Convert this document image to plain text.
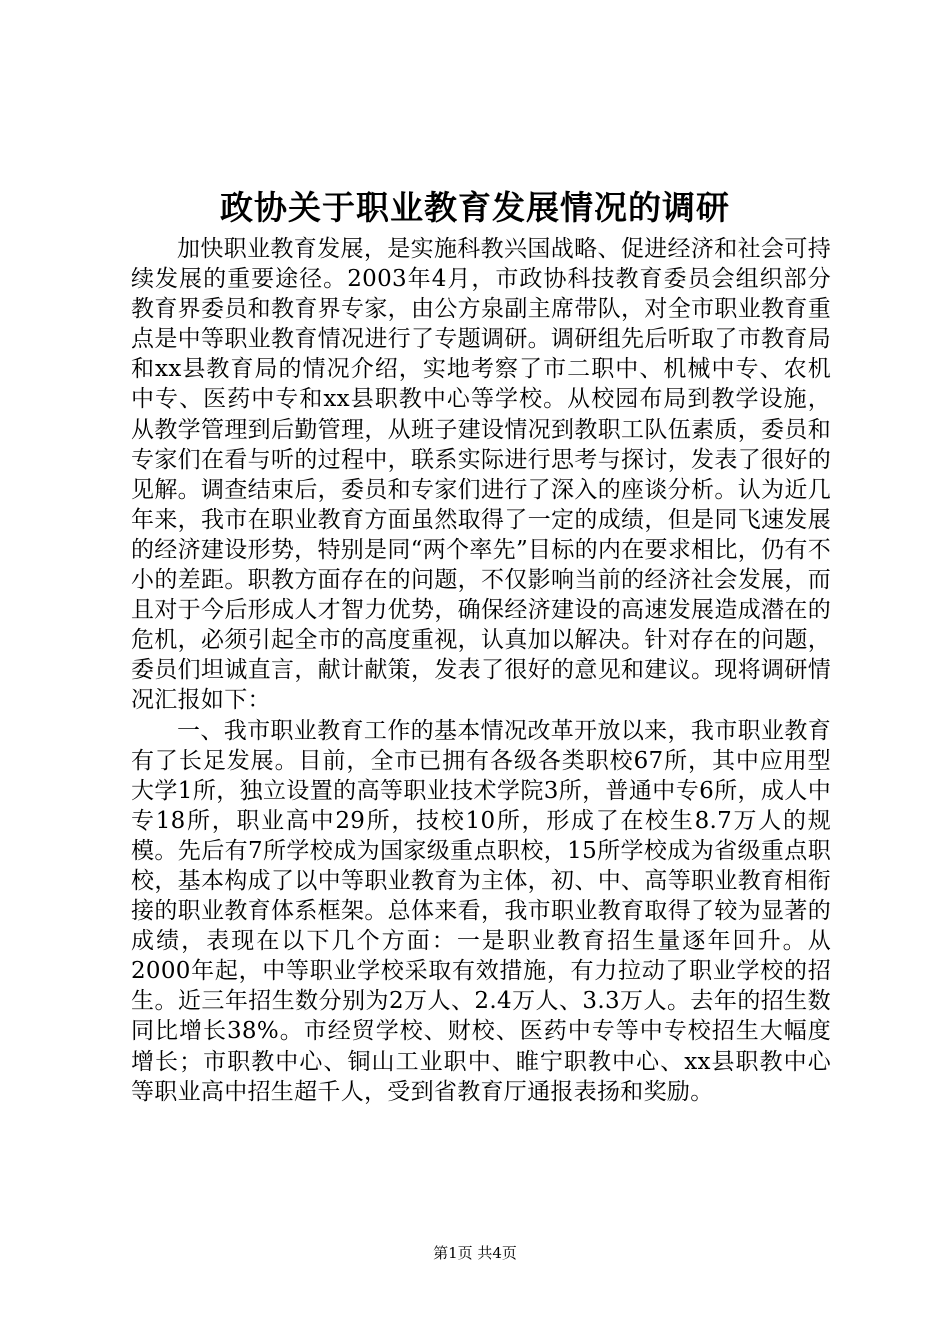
政协关于职业教育发展情况的调研

加快职业教育发展，是实施科教兴国战略、促进经济和社会可持续发展的重要途径。2003年4月，市政协科技教育委员会组织部分教育界委员和教育界专家，由公方泉副主席带队，对全市职业教育重点是中等职业教育情况进行了专题调研。调研组先后听取了市教育局和xx县教育局的情况介绍，实地考察了市二职中、机械中专、农机中专、医药中专和xx县职教中心等学校。从校园布局到教学设施，从教学管理到后勤管理，从班子建设情况到教职工队伍素质，委员和专家们在看与听的过程中，联系实际进行思考与探讨，发表了很好的见解。调查结束后，委员和专家们进行了深入的座谈分析。认为近几年来，我市在职业教育方面虽然取得了一定的成绩，但是同飞速发展的经济建设形势，特别是同“两个率先”目标的内在要求相比，仍有不小的差距。职教方面存在的问题，不仅影响当前的经济社会发展，而且对于今后形成人才智力优势，确保经济建设的高速发展造成潜在的危机，必须引起全市的高度重视，认真加以解决。针对存在的问题，委员们坦诚直言，献计献策，发表了很好的意见和建议。现将调研情况汇报如下：

一、我市职业教育工作的基本情况改革开放以来，我市职业教育有了长足发展。目前，全市已拥有各级各类职校67所，其中应用型大学1所，独立设置的高等职业技术学院3所，普通中专6所，成人中专18所，职业高中29所，技校10所，形成了在校生8.7万人的规模。先后有7所学校成为国家级重点职校，15所学校成为省级重点职校，基本构成了以中等职业教育为主体，初、中、高等职业教育相衔接的职业教育体系框架。总体来看，我市职业教育取得了较为显著的成绩，表现在以下几个方面：一是职业教育招生量逐年回升。从2000年起，中等职业学校采取有效措施，有力拉动了职业学校的招生。近三年招生数分别为2万人、2.4万人、3.3万人。去年的招生数同比增长38%。市经贸学校、财校、医药中专等中专校招生大幅度增长；市职教中心、铜山工业职中、睢宁职教中心、xx县职教中心等职业高中招生超千人，受到省教育厅通报表扬和奖励。

第1页 共4页
